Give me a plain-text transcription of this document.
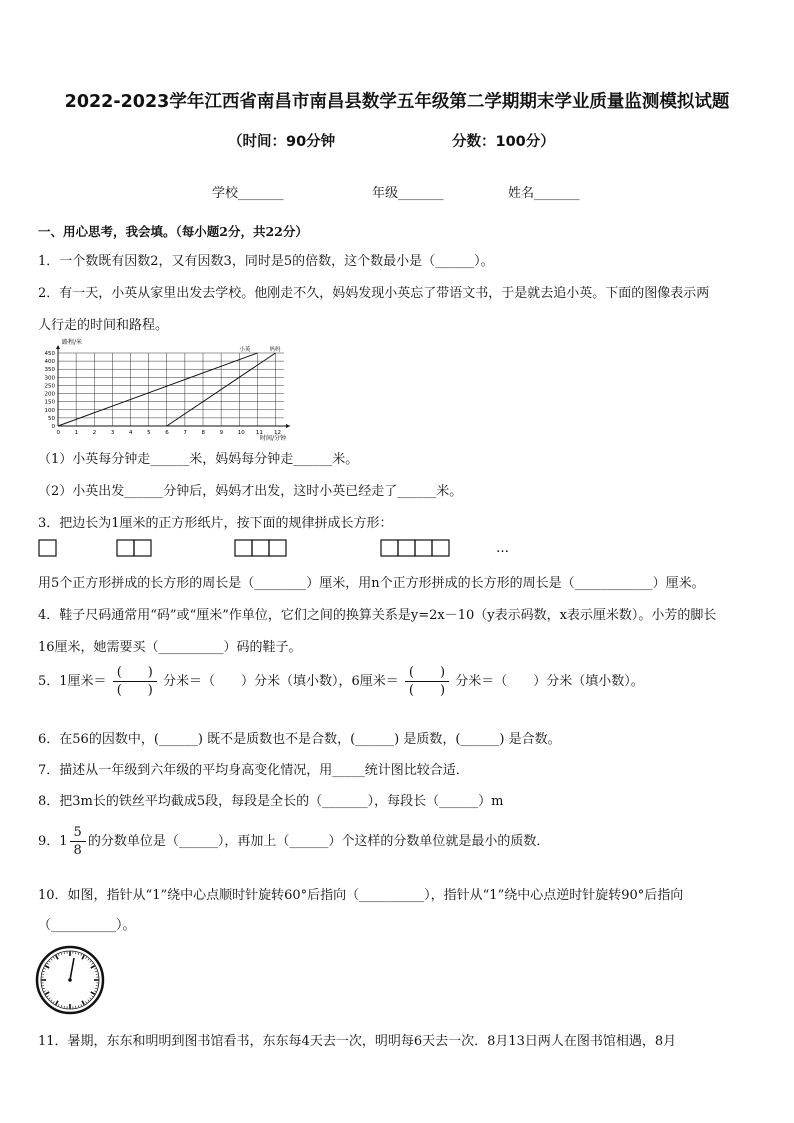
2022-2023学年江西省南昌市南昌县数学五年级第二学期期末学业质量监测模拟试题
（时间：90分钟	分数：100分）
学校_______	年级_______	姓名_______
一、用心思考，我会填。（每小题2分，共22分）
1．一个数既有因数2，又有因数3，同时是5的倍数，这个数最小是（______）。
2．有一天，小英从家里出发去学校。他刚走不久，妈妈发现小英忘了带语文书，于是就去追小英。下面的图像表示两
人行走的时间和路程。
路程/米
时间/分钟
0	1	2	3	4	5	6	7	8	9	10 11 12
0
50
100
150
200
250
300
350
400
450
小英	妈妈
（1）小英每分钟走______米，妈妈每分钟走______米。
（2）小英出发______分钟后，妈妈才出发，这时小英已经走了______米。
3．把边长为1厘米的正方形纸片，按下面的规律拼成长方形：
…
用5个正方形拼成的长方形的周长是（________）厘米，用n个正方形拼成的长方形的周长是（____________）厘米。
4．鞋子尺码通常用“码”或“厘米”作单位，它们之间的换算关系是y=2x－10（y表示码数，x表示厘米数）。小芳的脚长
16厘米，她需要买（__________）码的鞋子。
5．1厘米＝ $\frac{( )}{( )}$ 分米＝（　　）分米（填小数），6厘米＝ $\frac{( )}{( )}$ 分米＝（　　）分米（填小数）。
6．在56的因数中，(______) 既不是质数也不是合数，(______) 是质数，(______) 是合数。
7．描述从一年级到六年级的平均身高变化情况，用_____统计图比较合适．
8．把3m长的铁丝平均截成5段，每段是全长的（_______），每段长（______）m
9．$1 \frac{5}{8}$ 的分数单位是（______），再加上（______）个这样的分数单位就是最小的质数．
10．如图，指针从“1”绕中心点顺时针旋转60°后指向（__________），指针从“1”绕中心点逆时针旋转90°后指向
（__________）。
11．暑期，东东和明明到图书馆看书，东东每4天去一次，明明每6天去一次．8月13日两人在图书馆相遇，8月
